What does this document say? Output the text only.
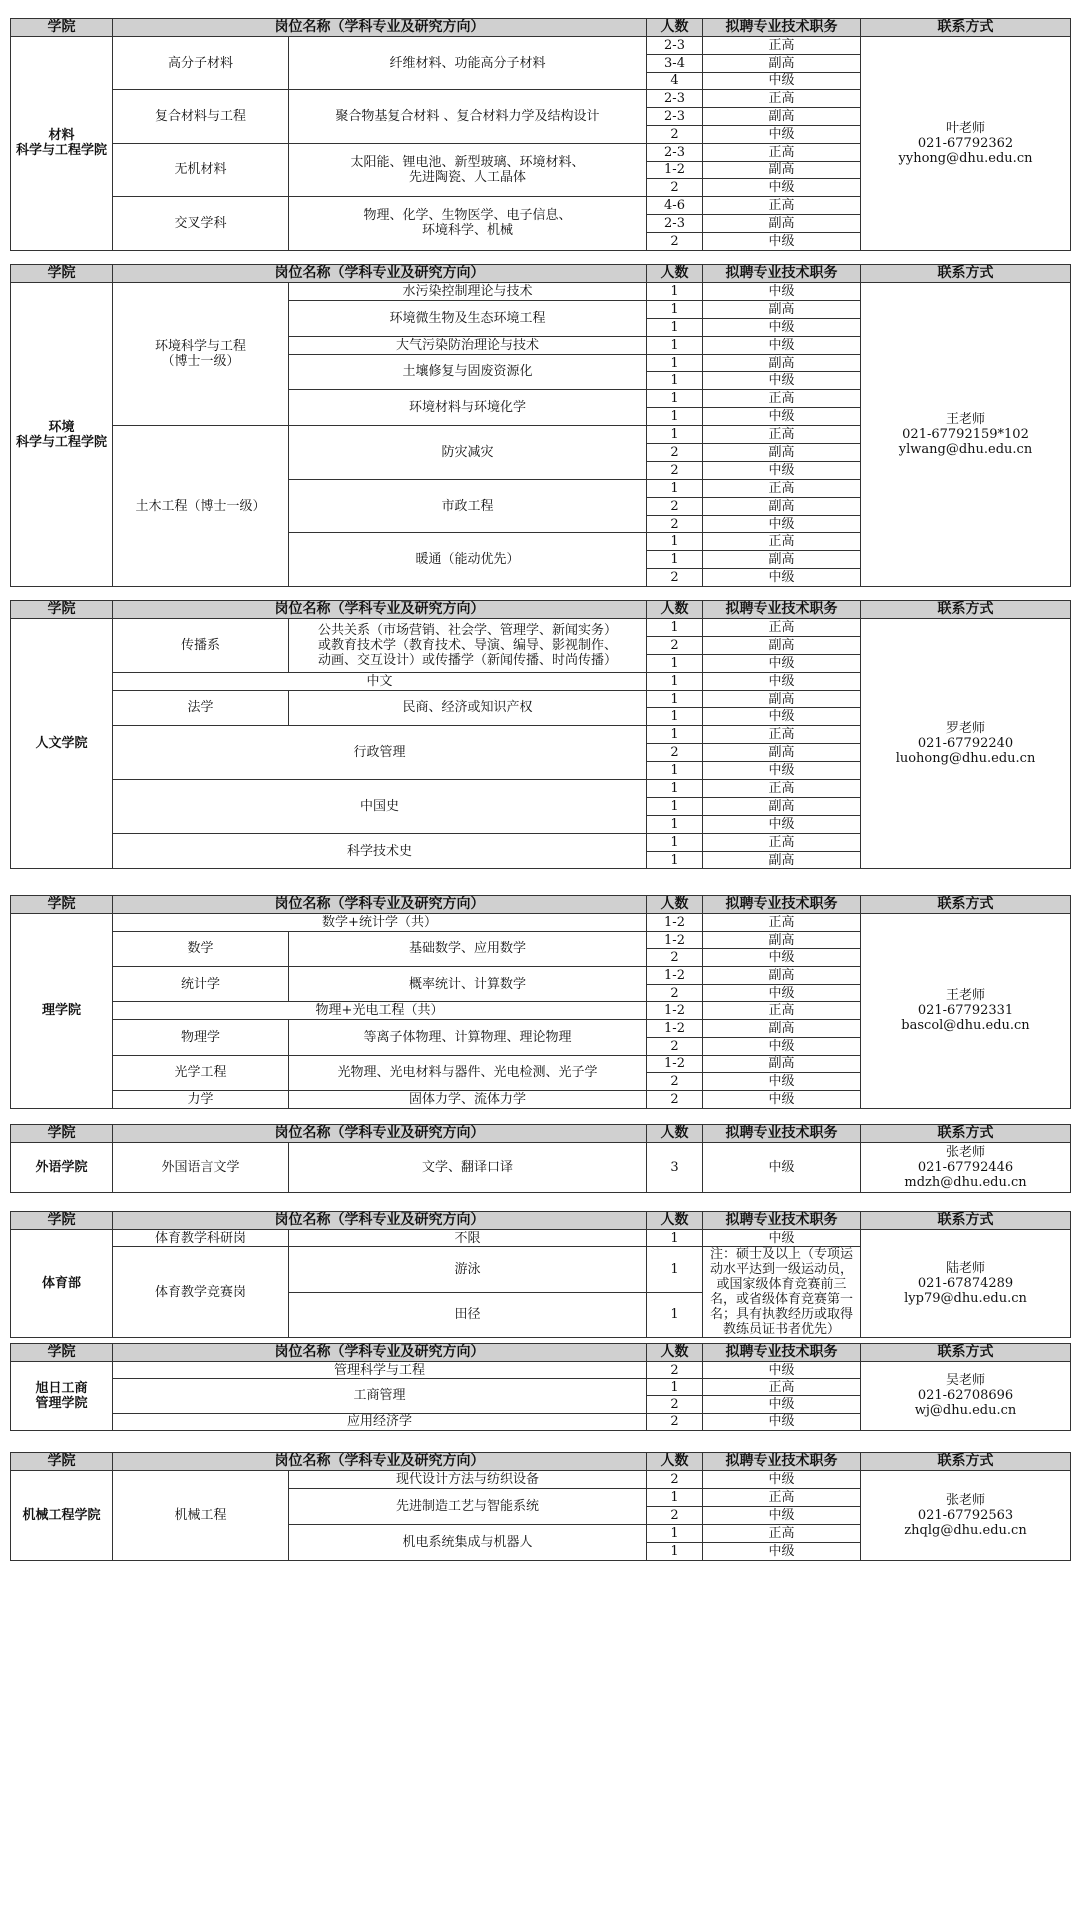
学院	岗位名称（学科专业及研究方向）		人数	拟聘专业技术职务	联系方式
材料
科学与工程学院	高分子材料	纤维材料、功能高分子材料	2-3	正高	叶老师
021-67792362
yyhong@dhu.edu.cn
			3-4	副高	
			4	中级	
	复合材料与工程	聚合物基复合材料 、复合材料力学及结构设计	2-3	正高	
			2-3	副高	
			2	中级	
	无机材料	太阳能、锂电池、新型玻璃、环境材料、
先进陶瓷、人工晶体	2-3	正高	
			1-2	副高	
			2	中级	
	交叉学科	物理、化学、生物医学、电子信息、
环境科学、机械	4-6	正高	
			2-3	副高	
			2	中级	
学院	岗位名称（学科专业及研究方向）		人数	拟聘专业技术职务	联系方式
环境
科学与工程学院	环境科学与工程
（博士一级）	水污染控制理论与技术	1	中级	王老师
021-67792159*102
ylwang@dhu.edu.cn
		环境微生物及生态环境工程	1	副高	
			1	中级	
		大气污染防治理论与技术	1	中级	
		土壤修复与固废资源化	1	副高	
			1	中级	
		环境材料与环境化学	1	正高	
			1	中级	
	土木工程（博士一级）	防灾减灾	1	正高	
			2	副高	
			2	中级	
		市政工程	1	正高	
			2	副高	
			2	中级	
		暖通（能动优先）	1	正高	
			1	副高	
			2	中级	
学院	岗位名称（学科专业及研究方向）		人数	拟聘专业技术职务	联系方式
人文学院	传播系	公共关系（市场营销、社会学、管理学、新闻实务）
或教育技术学（教育技术、导演、编导、影视制作、
动画、交互设计）或传播学（新闻传播、时尚传播）	1	正高	罗老师
021-67792240
luohong@dhu.edu.cn
			2	副高	
			1	中级	
	中文		1	中级	
	法学	民商、经济或知识产权	1	副高	
			1	中级	
	行政管理		1	正高	
			2	副高	
			1	中级	
	中国史		1	正高	
			1	副高	
			1	中级	
	科学技术史		1	正高	
			1	副高	
学院	岗位名称（学科专业及研究方向）		人数	拟聘专业技术职务	联系方式
理学院	数学+统计学（共）		1-2	正高	王老师
021-67792331
bascol@dhu.edu.cn
	数学	基础数学、应用数学	1-2	副高	
			2	中级	
	统计学	概率统计、计算数学	1-2	副高	
			2	中级	
	物理+光电工程（共）		1-2	正高	
	物理学	等离子体物理、计算物理、理论物理	1-2	副高	
			2	中级	
	光学工程	光物理、光电材料与器件、光电检测、光子学	1-2	副高	
			2	中级	
	力学	固体力学、流体力学	2	中级	
学院	岗位名称（学科专业及研究方向）		人数	拟聘专业技术职务	联系方式
外语学院	外国语言文学	文学、翻译口译	3	中级	张老师
021-67792446
mdzh@dhu.edu.cn
学院	岗位名称（学科专业及研究方向）		人数	拟聘专业技术职务	联系方式
体育部	体育教学科研岗	不限	1	中级	陆老师
021-67874289
lyp79@dhu.edu.cn
	体育教学竞赛岗	游泳	1	注：硕士及以上（专项运动水平达到一级运动员，或国家级体育竞赛前三名，或省级体育竞赛第一名；具有执教经历或取得教练员证书者优先）	
		田径	1		
学院	岗位名称（学科专业及研究方向）	人数	拟聘专业技术职务	联系方式
旭日工商
管理学院	管理科学与工程	2	中级	吴老师
021-62708696
wj@dhu.edu.cn
	工商管理	1	正高	
		2	中级	
	应用经济学	2	中级	
学院	岗位名称（学科专业及研究方向）		人数	拟聘专业技术职务	联系方式
机械工程学院	机械工程	现代设计方法与纺织设备	2	中级	张老师
021-67792563
zhqlg@dhu.edu.cn
		先进制造工艺与智能系统	1	正高	
			2	中级	
		机电系统集成与机器人	1	正高	
			1	中级	
